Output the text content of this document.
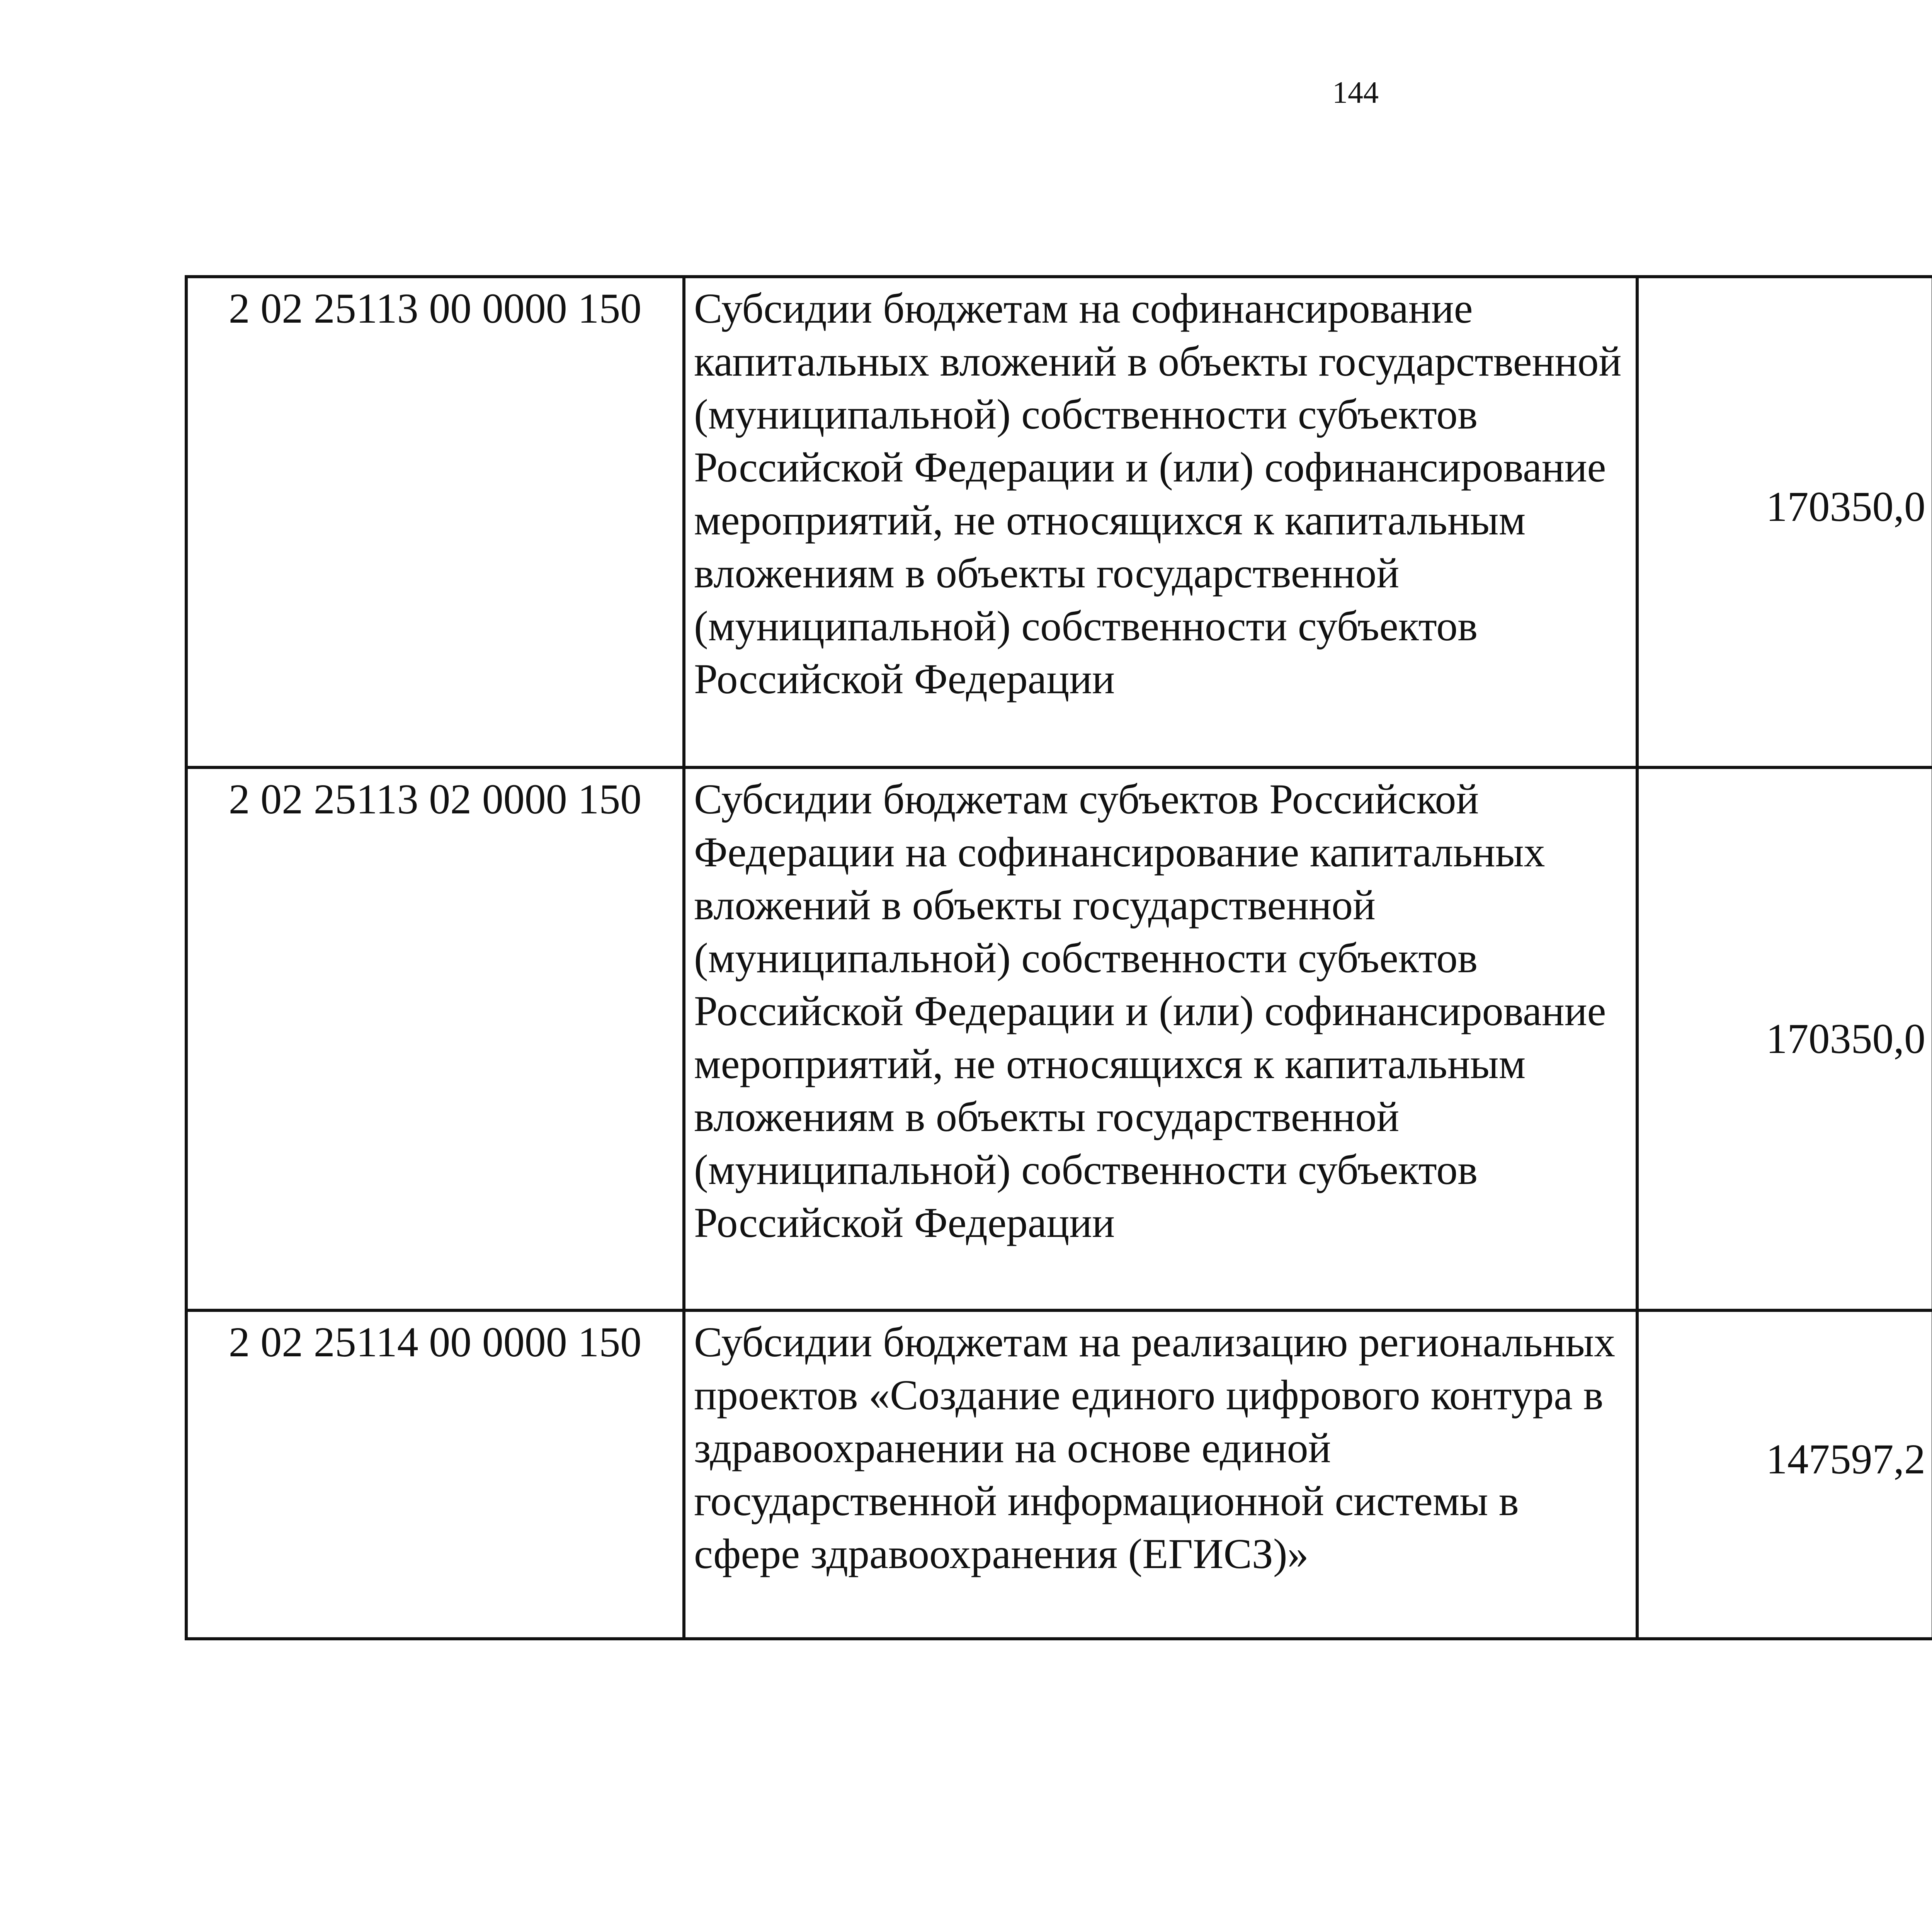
144
2 02 25113 00 0000 150	Субсидии бюджетам на софинансирование капитальных вложений в объекты государственной (муниципальной) собственности субъектов Российской Федерации и (или) софинансирование мероприятий, не относящихся к капитальным вложениям в объекты государственной (муниципальной) собственности субъектов Российской Федерации	170350,0		
2 02 25113 02 0000 150	Субсидии бюджетам субъектов Российской Федерации на софинансирование капитальных вложений в объекты государственной (муниципальной) собственности субъектов Российской Федерации и (или) софинансирование мероприятий, не относящихся к капитальным вложениям в объекты государственной (муниципальной) собственности субъектов Российской Федерации	170350,0		
2 02 25114 00 0000 150	Субсидии бюджетам на реализацию региональных проектов «Создание единого цифрового контура в здравоохранении на основе единой государственной информационной системы в сфере здравоохранения (ЕГИСЗ)»	147597,2		
